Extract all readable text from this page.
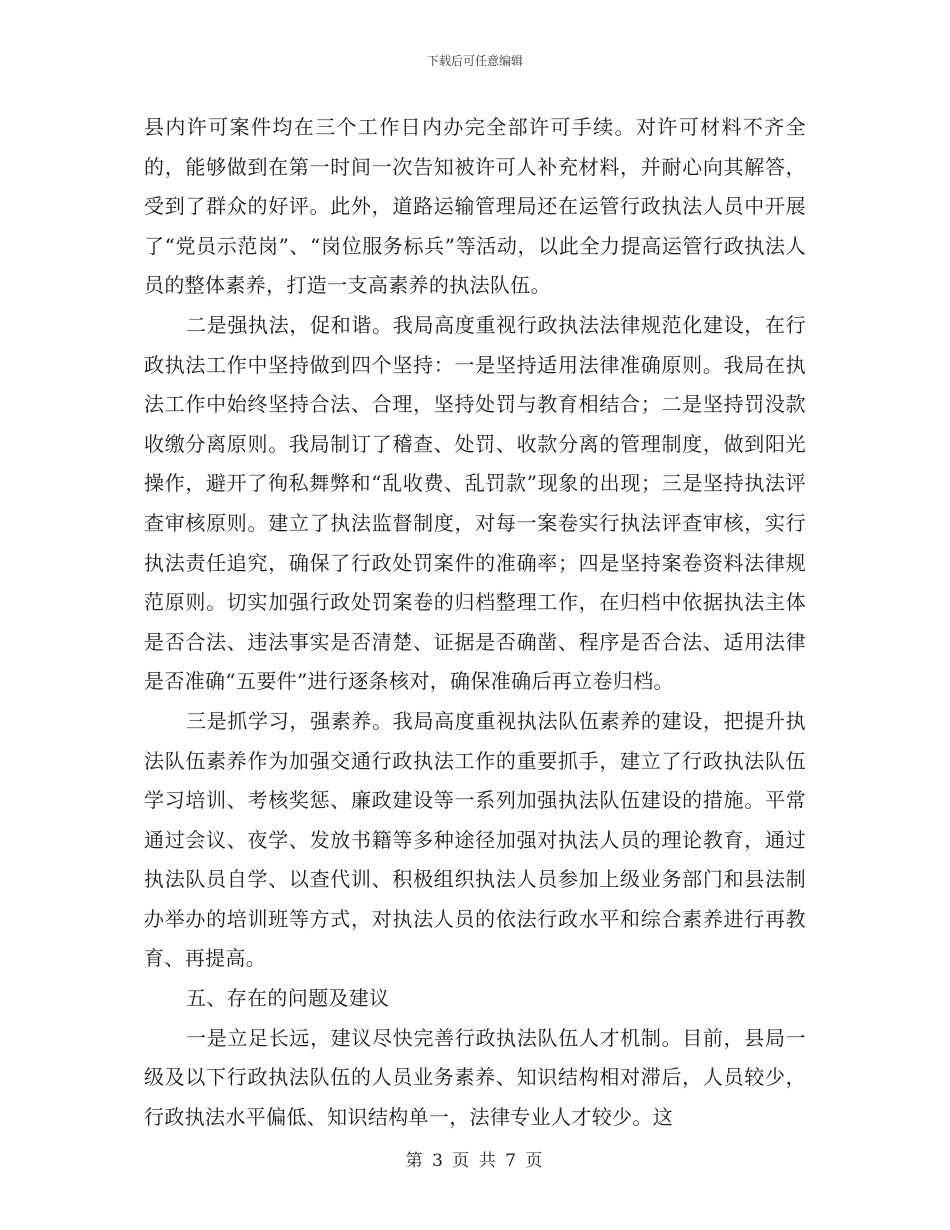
下载后可任意编辑

县内许可案件均在三个工作日内办完全部许可手续。对许可材料不齐全的，能够做到在第一时间一次告知被许可人补充材料，并耐心向其解答，受到了群众的好评。此外，道路运输管理局还在运管行政执法人员中开展了“党员示范岗”、“岗位服务标兵”等活动，以此全力提高运管行政执法人员的整体素养，打造一支高素养的执法队伍。

二是强执法，促和谐。我局高度重视行政执法法律规范化建设，在行政执法工作中坚持做到四个坚持：一是坚持适用法律准确原则。我局在执法工作中始终坚持合法、合理，坚持处罚与教育相结合；二是坚持罚没款收缴分离原则。我局制订了稽查、处罚、收款分离的管理制度，做到阳光操作，避开了徇私舞弊和“乱收费、乱罚款”现象的出现；三是坚持执法评查审核原则。建立了执法监督制度，对每一案卷实行执法评查审核，实行执法责任追究，确保了行政处罚案件的准确率；四是坚持案卷资料法律规范原则。切实加强行政处罚案卷的归档整理工作，在归档中依据执法主体是否合法、违法事实是否清楚、证据是否确凿、程序是否合法、适用法律是否准确“五要件”进行逐条核对，确保准确后再立卷归档。

三是抓学习，强素养。我局高度重视执法队伍素养的建设，把提升执法队伍素养作为加强交通行政执法工作的重要抓手，建立了行政执法队伍学习培训、考核奖惩、廉政建设等一系列加强执法队伍建设的措施。平常通过会议、夜学、发放书籍等多种途径加强对执法人员的理论教育，通过执法队员自学、以查代训、积极组织执法人员参加上级业务部门和县法制办举办的培训班等方式，对执法人员的依法行政水平和综合素养进行再教育、再提高。

五、存在的问题及建议

一是立足长远，建议尽快完善行政执法队伍人才机制。目前，县局一级及以下行政执法队伍的人员业务素养、知识结构相对滞后，人员较少，行政执法水平偏低、知识结构单一，法律专业人才较少。这

第 3 页 共 7 页
